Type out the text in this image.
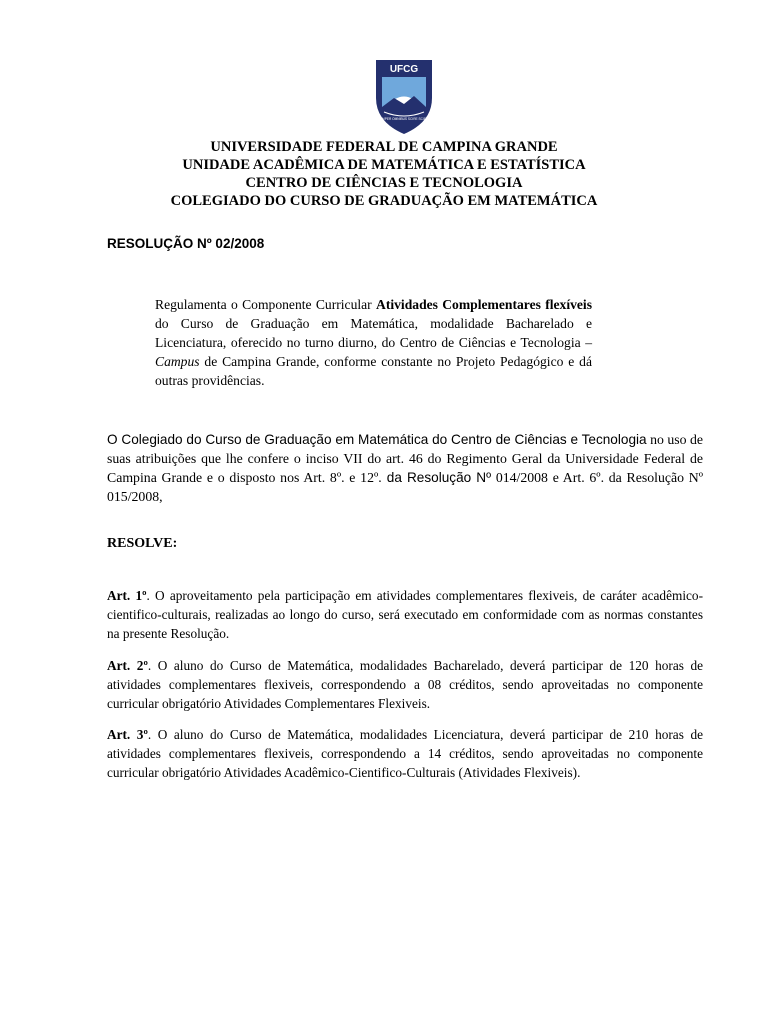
UFCG
SEMPER OMNIBUS SCIRE SCIENT
UNIVERSIDADE FEDERAL DE CAMPINA GRANDE
UNIDADE ACADÊMICA DE MATEMÁTICA E ESTATÍSTICA
CENTRO DE CIÊNCIAS E TECNOLOGIA
COLEGIADO DO CURSO DE GRADUAÇÃO EM MATEMÁTICA
RESOLUÇÃO Nº 02/2008
Regulamenta o Componente Curricular Atividades Complementares flexíveis do Curso de Graduação em Matemática, modalidade Bacharelado e Licenciatura, oferecido no turno diurno, do Centro de Ciências e Tecnologia – Campus de Campina Grande, conforme constante no Projeto Pedagógico e dá outras providências.
O Colegiado do Curso de Graduação em Matemática do Centro de Ciências e Tecnologia no uso de suas atribuições que lhe confere o inciso VII do art. 46 do Regimento Geral da Universidade Federal de Campina Grande e o disposto nos Art. 8º. e 12º. da Resolução Nº 014/2008 e Art. 6º. da Resolução Nº 015/2008,
RESOLVE:
Art. 1º. O aproveitamento pela participação em atividades complementares flexiveis, de caráter acadêmico-cientifico-culturais, realizadas ao longo do curso, será executado em conformidade com as normas constantes na presente Resolução.
Art. 2º. O aluno do Curso de Matemática, modalidades Bacharelado, deverá participar de 120 horas de atividades complementares flexiveis, correspondendo a 08 créditos, sendo aproveitadas no componente curricular obrigatório Atividades Complementares Flexiveis.
Art. 3º. O aluno do Curso de Matemática, modalidades Licenciatura, deverá participar de 210 horas de atividades complementares flexiveis, correspondendo a 14 créditos, sendo aproveitadas no componente curricular obrigatório Atividades Acadêmico-Cientifico-Culturais (Atividades Flexiveis).
